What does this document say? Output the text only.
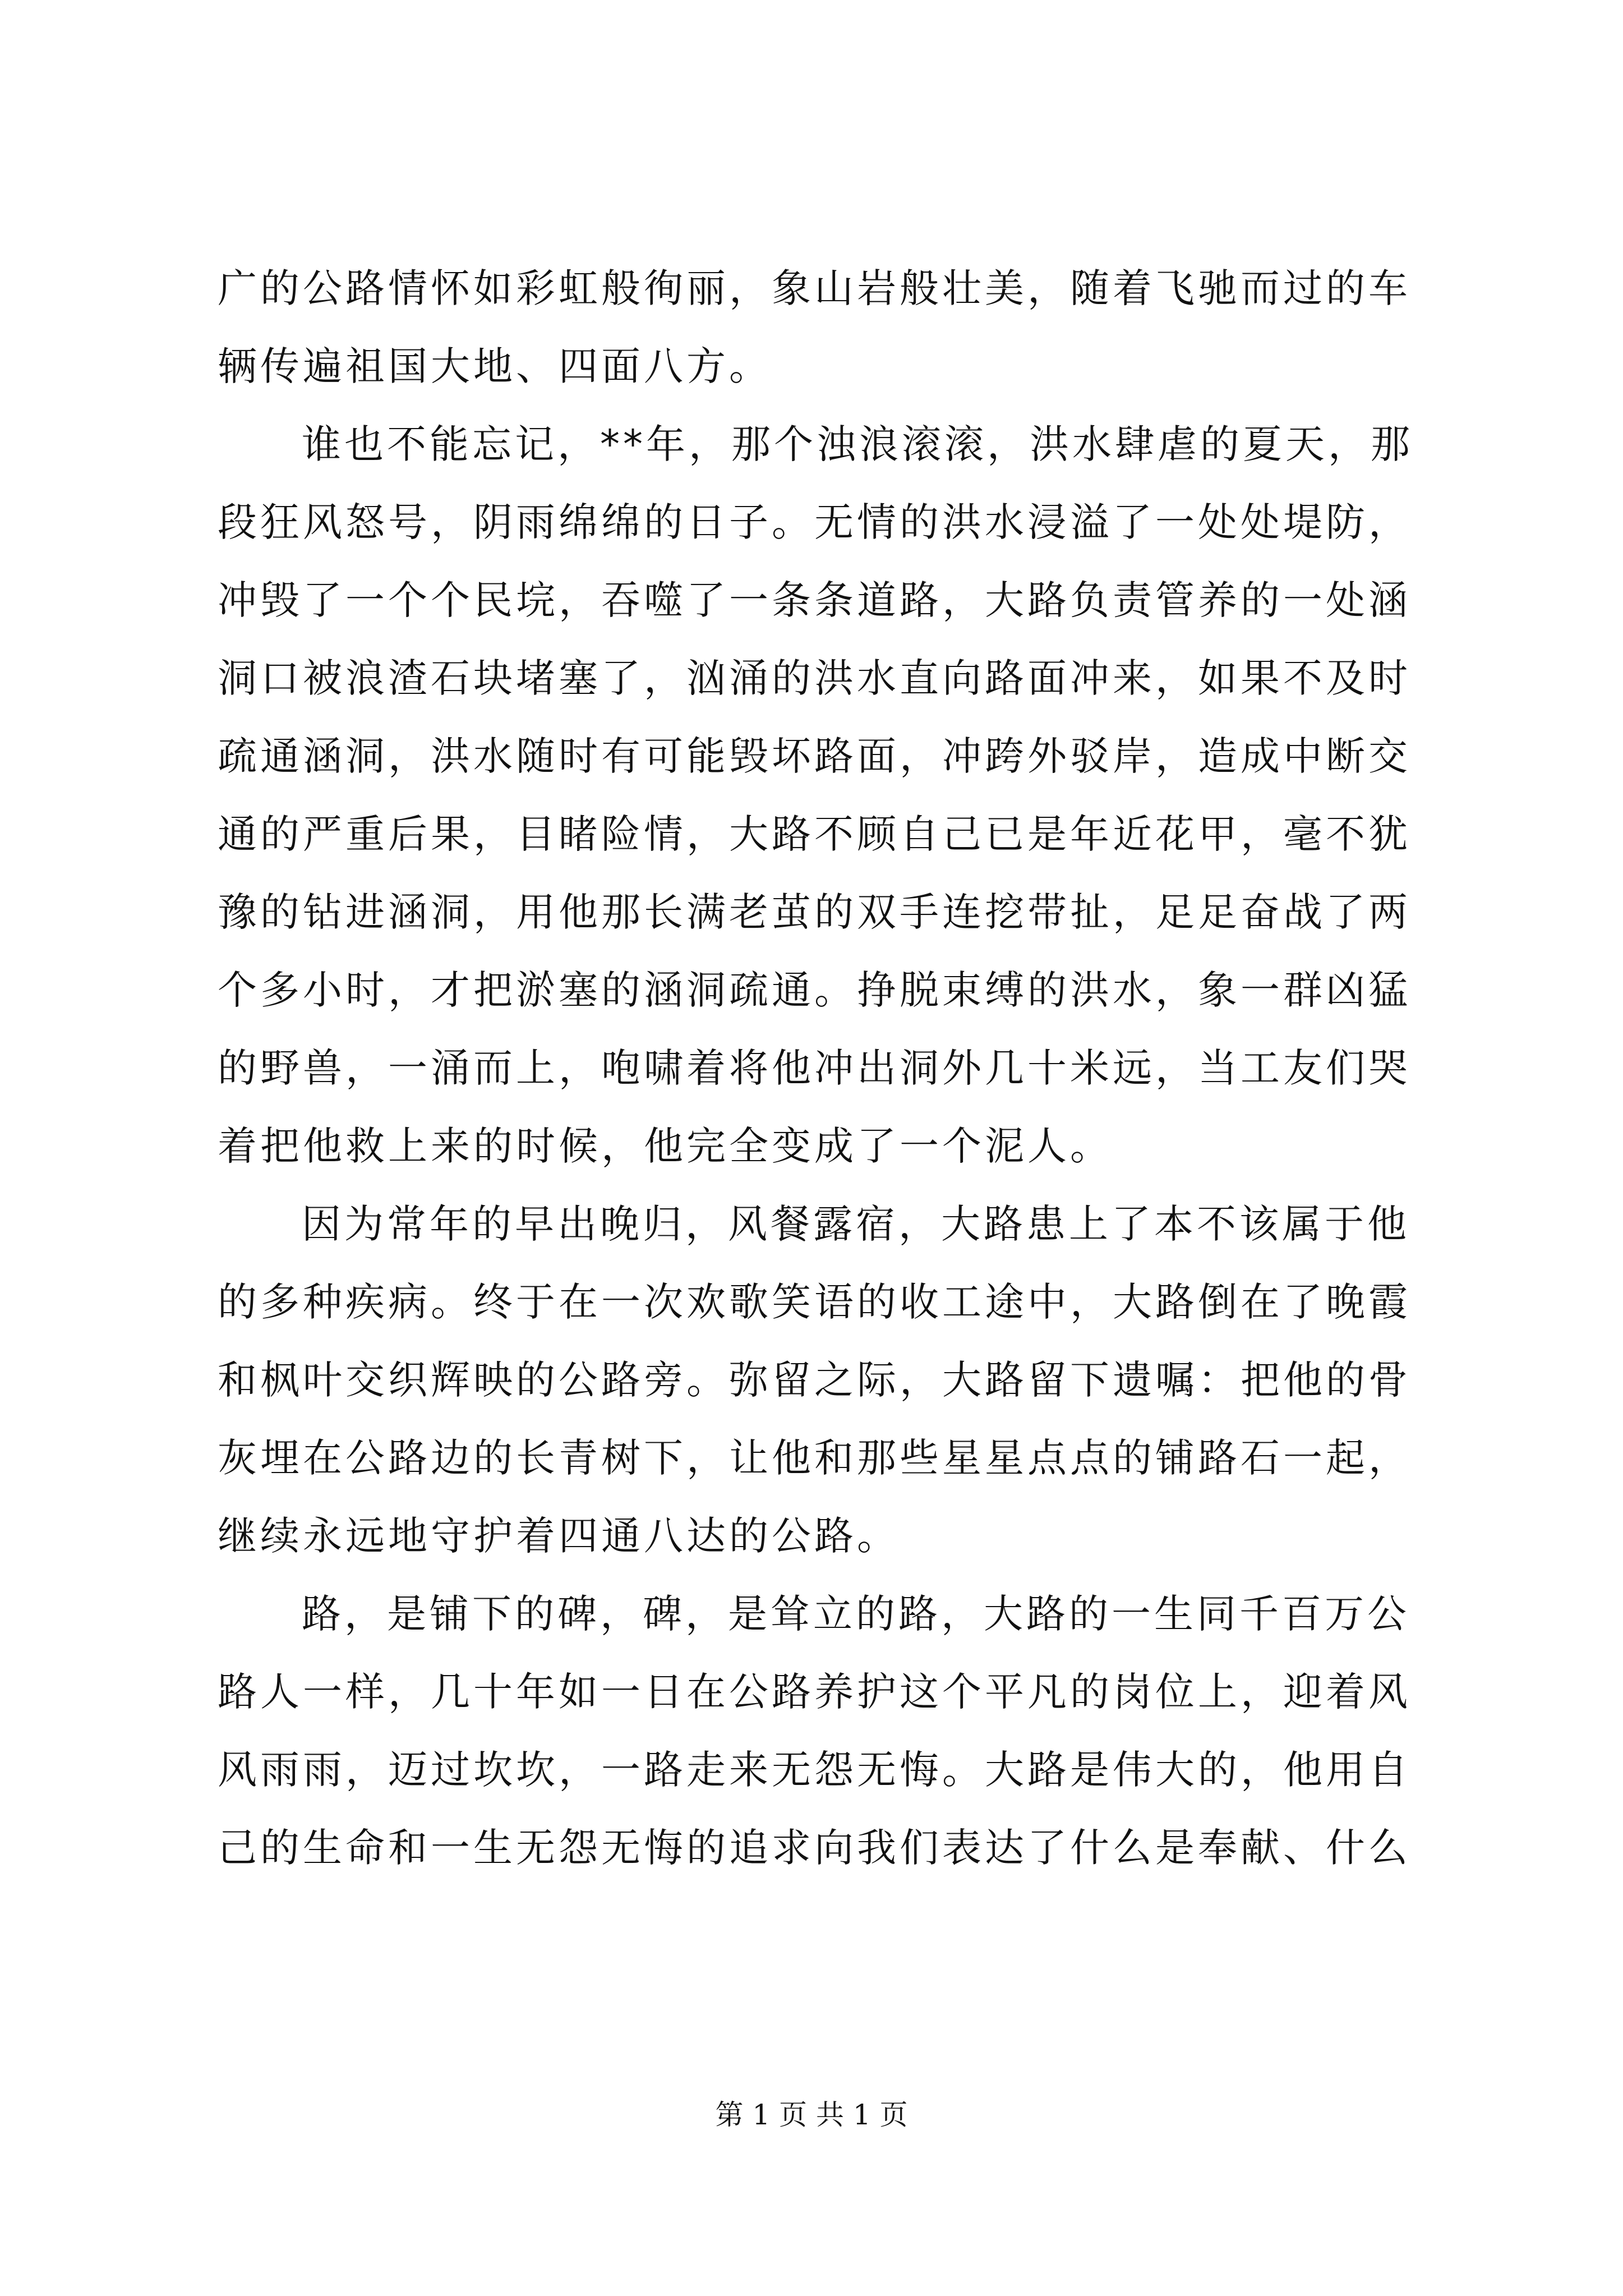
广的公路情怀如彩虹般徇丽，象山岩般壮美，随着飞驰而过的车
辆传遍祖国大地、四面八方。
谁也不能忘记，**年，那个浊浪滚滚，洪水肆虐的夏天，那
段狂风怒号，阴雨绵绵的日子。无情的洪水浸溢了一处处堤防，
冲毁了一个个民垸，吞噬了一条条道路，大路负责管养的一处涵
洞口被浪渣石块堵塞了，汹涌的洪水直向路面冲来，如果不及时
疏通涵洞，洪水随时有可能毁坏路面，冲跨外驳岸，造成中断交
通的严重后果，目睹险情，大路不顾自己已是年近花甲，毫不犹
豫的钻进涵洞，用他那长满老茧的双手连挖带扯，足足奋战了两
个多小时，才把淤塞的涵洞疏通。挣脱束缚的洪水，象一群凶猛
的野兽，一涌而上，咆啸着将他冲出洞外几十米远，当工友们哭
着把他救上来的时候，他完全变成了一个泥人。
因为常年的早出晚归，风餐露宿，大路患上了本不该属于他
的多种疾病。终于在一次欢歌笑语的收工途中，大路倒在了晚霞
和枫叶交织辉映的公路旁。弥留之际，大路留下遗嘱：把他的骨
灰埋在公路边的长青树下，让他和那些星星点点的铺路石一起，
继续永远地守护着四通八达的公路。
路，是铺下的碑，碑，是耸立的路，大路的一生同千百万公
路人一样，几十年如一日在公路养护这个平凡的岗位上，迎着风
风雨雨，迈过坎坎，一路走来无怨无悔。大路是伟大的，他用自
己的生命和一生无怨无悔的追求向我们表达了什么是奉献、什么
第 1 页 共 1 页
